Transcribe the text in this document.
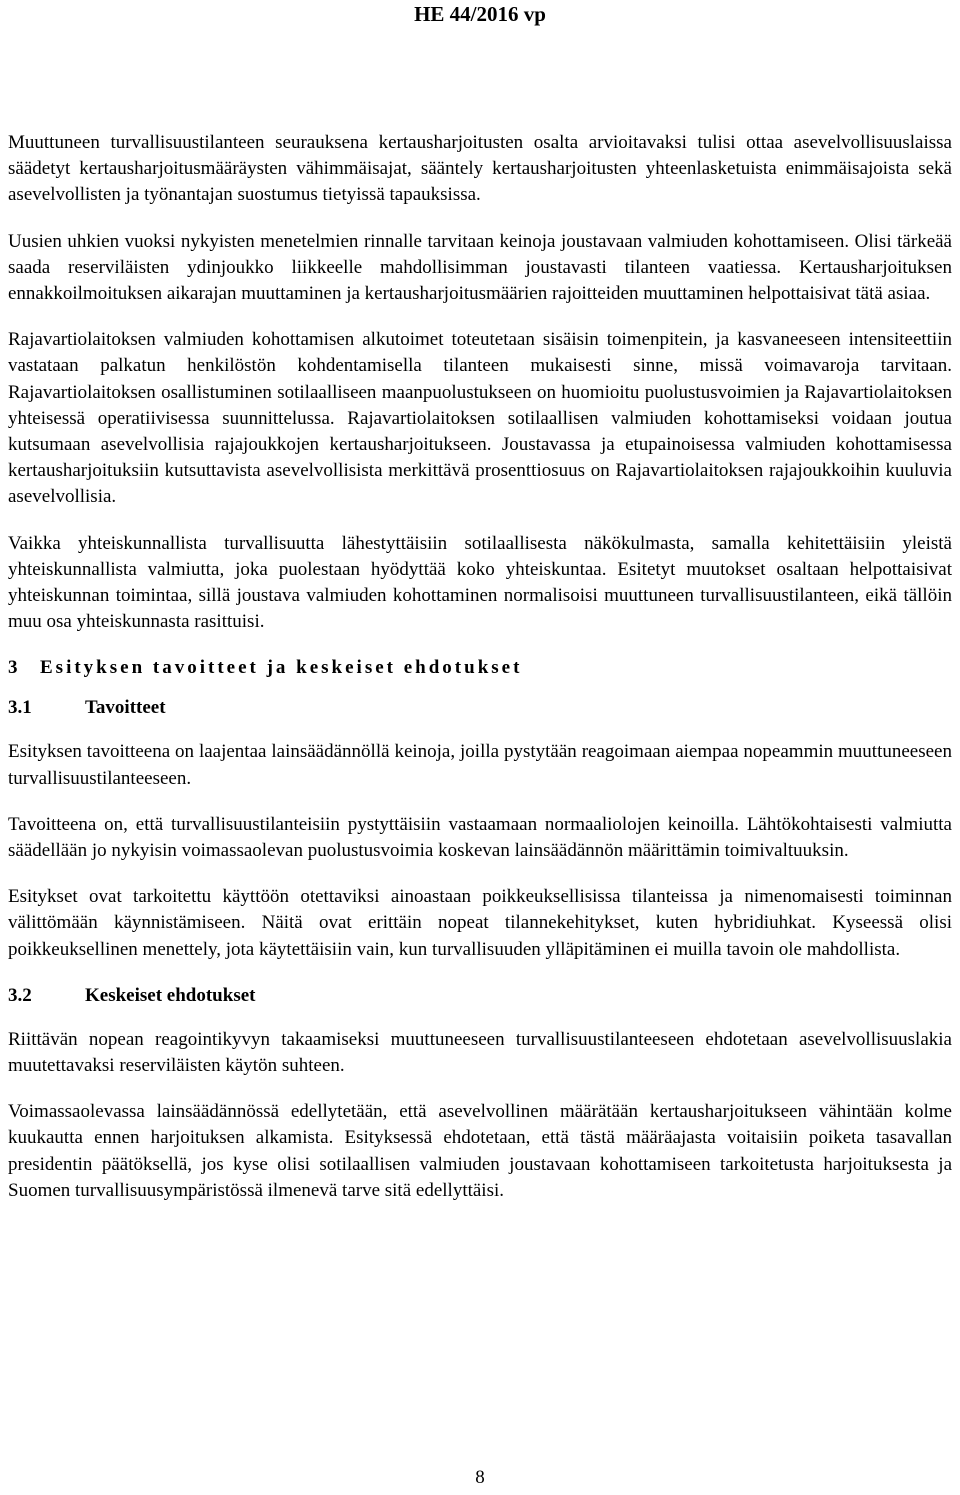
HE 44/2016 vp

Muuttuneen turvallisuustilanteen seurauksena kertausharjoitusten osalta arvioitavaksi tulisi ottaa asevelvollisuuslaissa säädetyt kertausharjoitusmääräysten vähimmäisajat, sääntely kertausharjoitusten yhteenlasketuista enimmäisajoista sekä asevelvollisten ja työnantajan suostumus tietyissä tapauksissa.

Uusien uhkien vuoksi nykyisten menetelmien rinnalle tarvitaan keinoja joustavaan valmiuden kohottamiseen. Olisi tärkeää saada reserviläisten ydinjoukko liikkeelle mahdollisimman joustavasti tilanteen vaatiessa. Kertausharjoituksen ennakkoilmoituksen aikarajan muuttaminen ja kertausharjoitusmäärien rajoitteiden muuttaminen helpottaisivat tätä asiaa.

Rajavartiolaitoksen valmiuden kohottamisen alkutoimet toteutetaan sisäisin toimenpitein, ja kasvaneeseen intensiteettiin vastataan palkatun henkilöstön kohdentamisella tilanteen mukaisesti sinne, missä voimavaroja tarvitaan. Rajavartiolaitoksen osallistuminen sotilaalliseen maanpuolustukseen on huomioitu puolustusvoimien ja Rajavartiolaitoksen yhteisessä operatiivisessa suunnittelussa. Rajavartiolaitoksen sotilaallisen valmiuden kohottamiseksi voidaan joutua kutsumaan asevelvollisia rajajoukkojen kertausharjoitukseen. Joustavassa ja etupainoisessa valmiuden kohottamisessa kertausharjoituksiin kutsuttavista asevelvollisista merkittävä prosenttiosuus on Rajavartiolaitoksen rajajoukkoihin kuuluvia asevelvollisia.

Vaikka yhteiskunnallista turvallisuutta lähestyttäisiin sotilaallisesta näkökulmasta, samalla kehitettäisiin yleistä yhteiskunnallista valmiutta, joka puolestaan hyödyttää koko yhteiskuntaa. Esitetyt muutokset osaltaan helpottaisivat yhteiskunnan toimintaa, sillä joustava valmiuden kohottaminen normalisoisi muuttuneen turvallisuustilanteen, eikä tällöin muu osa yhteiskunnasta rasittuisi.

3 Esityksen tavoitteet ja keskeiset ehdotukset
3.1	Tavoitteet

Esityksen tavoitteena on laajentaa lainsäädännöllä keinoja, joilla pystytään reagoimaan aiempaa nopeammin muuttuneeseen turvallisuustilanteeseen.

Tavoitteena on, että turvallisuustilanteisiin pystyttäisiin vastaamaan normaaliolojen keinoilla. Lähtökohtaisesti valmiutta säädellään jo nykyisin voimassaolevan puolustusvoimia koskevan lainsäädännön määrittämin toimivaltuuksin.

Esitykset ovat tarkoitettu käyttöön otettaviksi ainoastaan poikkeuksellisissa tilanteissa ja nimenomaisesti toiminnan välittömään käynnistämiseen. Näitä ovat erittäin nopeat tilannekehitykset, kuten hybridiuhkat. Kyseessä olisi poikkeuksellinen menettely, jota käytettäisiin vain, kun turvallisuuden ylläpitäminen ei muilla tavoin ole mahdollista.

3.2	Keskeiset ehdotukset

Riittävän nopean reagointikyvyn takaamiseksi muuttuneeseen turvallisuustilanteeseen ehdotetaan asevelvollisuuslakia muutettavaksi reserviläisten käytön suhteen.

Voimassaolevassa lainsäädännössä edellytetään, että asevelvollinen määrätään kertausharjoitukseen vähintään kolme kuukautta ennen harjoituksen alkamista. Esityksessä ehdotetaan, että tästä määräajasta voitaisiin poiketa tasavallan presidentin päätöksellä, jos kyse olisi sotilaallisen valmiuden joustavaan kohottamiseen tarkoitetusta harjoituksesta ja Suomen turvallisuusympäristössä ilmenevä tarve sitä edellyttäisi.

8
